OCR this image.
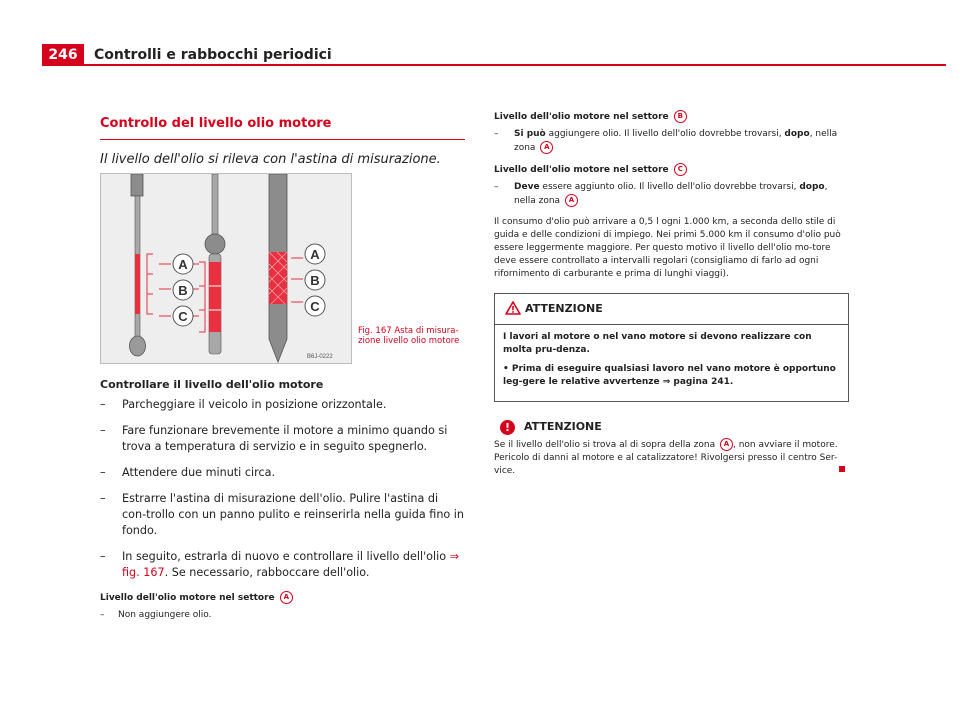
246	Controlli e rabbocchi periodici
Controllo del livello olio motore

Il livello dell'olio si rileva con l'astina di misurazione.

A
B
C
A
B
C
B6J-0222
Fig. 167 Asta di misura-zione livello olio motore
Controllare il livello dell'olio motore
– Parcheggiare il veicolo in posizione orizzontale.
– Fare funzionare brevemente il motore a minimo quando si trova a temperatura di servizio e in seguito spegnerlo.
– Attendere due minuti circa.
– Estrarre l'astina di misurazione dell'olio. Pulire l'astina di con-trollo con un panno pulito e reinserirla nella guida fino in fondo.
– In seguito, estrarla di nuovo e controllare il livello dell'olio ⇒ fig. 167. Se necessario, rabboccare dell'olio.
Livello dell'olio motore nel settore A
– Non aggiungere olio.
Livello dell'olio motore nel settore B
– Si può aggiungere olio. Il livello dell'olio dovrebbe trovarsi, dopo, nella zona A
Livello dell'olio motore nel settore C
– Deve essere aggiunto olio. Il livello dell'olio dovrebbe trovarsi, dopo, nella zona A

Il consumo d'olio può arrivare a 0,5 l ogni 1.000 km, a seconda dello stile di guida e delle condizioni di impiego. Nei primi 5.000 km il consumo d'olio può essere leggermente maggiore. Per questo motivo il livello dell'olio mo-tore deve essere controllato a intervalli regolari (consigliamo di farlo ad ogni rifornimento di carburante e prima di lunghi viaggi).

ATTENZIONE

I lavori al motore o nel vano motore si devono realizzare con molta pru-denza.

• Prima di eseguire qualsiasi lavoro nel vano motore è opportuno leg-gere le relative avvertenze ⇒ pagina 241.

!	ATTENZIONE

Se il livello dell'olio si trova al di sopra della zona A , non avviare il motore. Pericolo di danni al motore e al catalizzatore! Rivolgersi presso il centro Ser-vice.
